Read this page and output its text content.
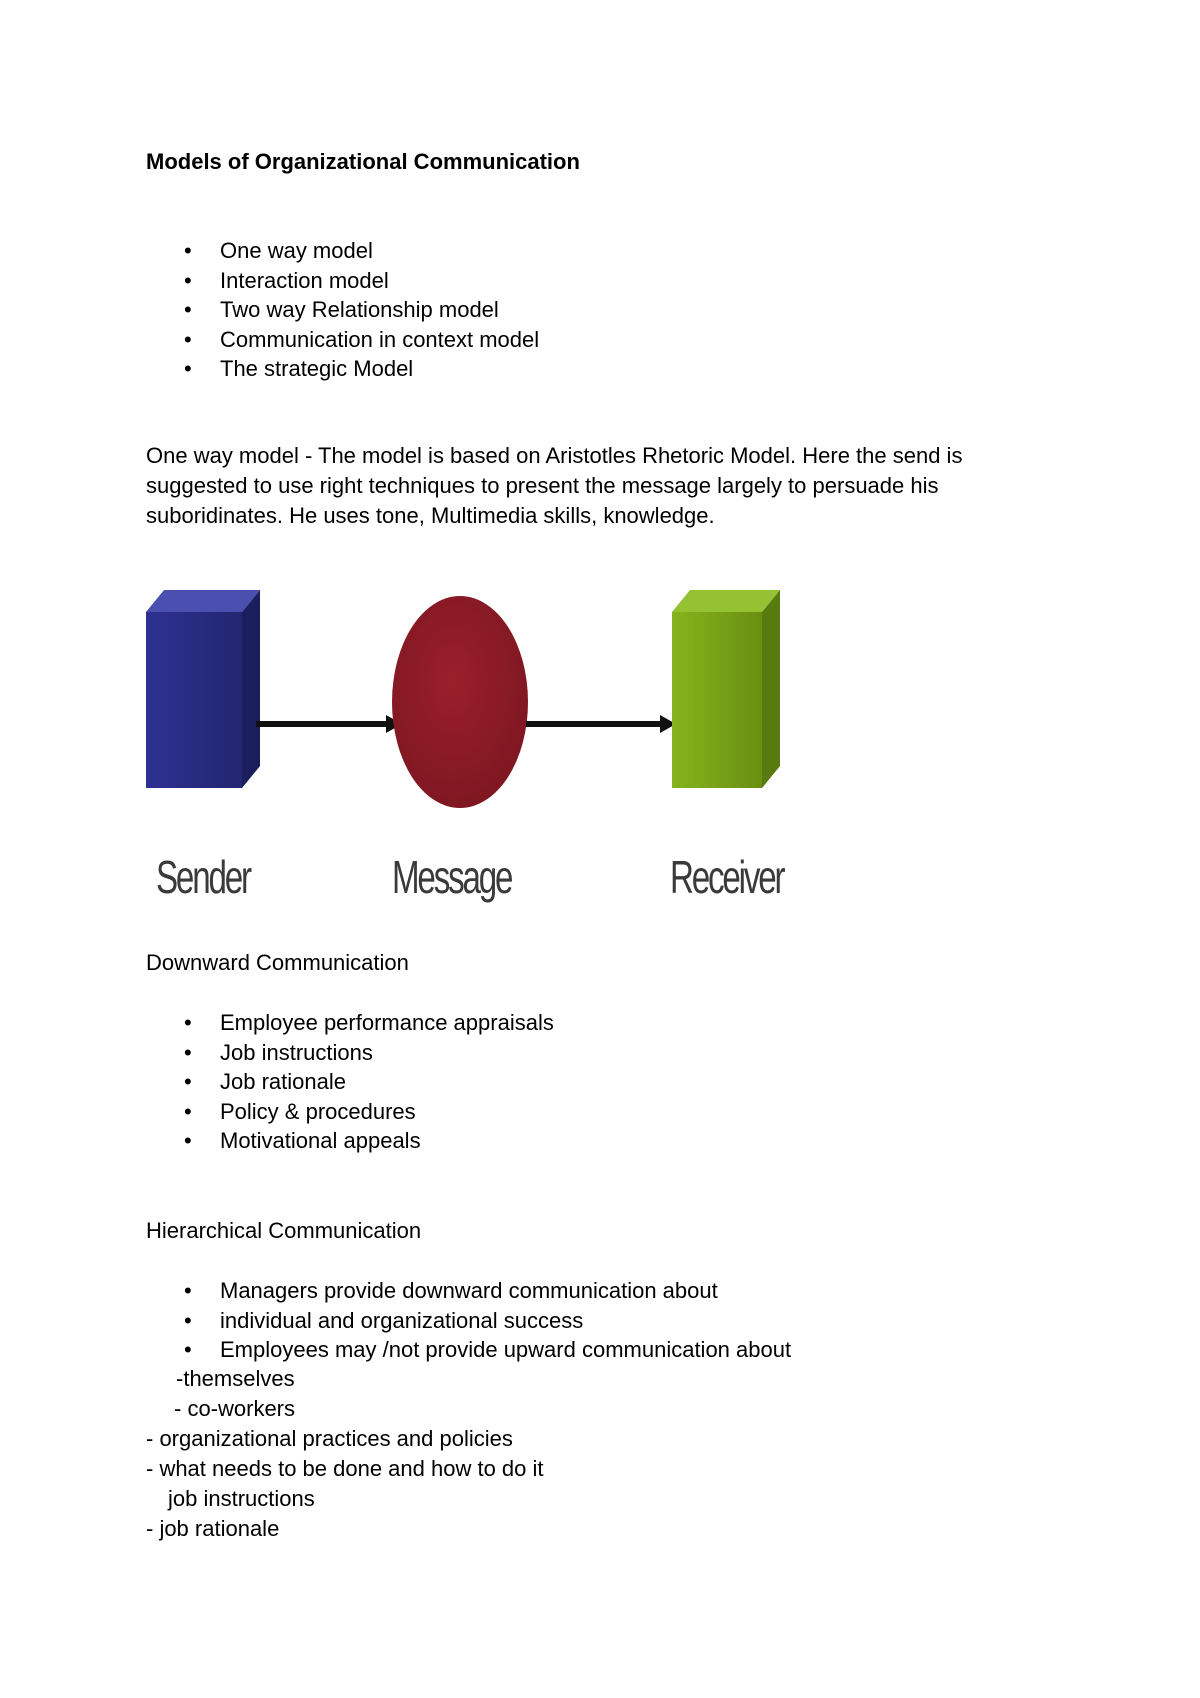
Models of Organizational Communication

• One way model
• Interaction model
• Two way Relationship model
• Communication in context model
• The strategic Model
One way model - The model is based on Aristotles Rhetoric Model. Here the send is
suggested to use right techniques to present the message largely to persuade his
suboridinates. He uses tone, Multimedia skills, knowledge.
Sender	Message	Receiver

Downward Communication

• Employee performance appraisals
• Job instructions
• Job rationale
• Policy & procedures
• Motivational appeals

Hierarchical Communication

• Managers provide downward communication about
• individual and organizational success
• Employees may /not provide upward communication about

-themselves

- co-workers

- organizational practices and policies

- what needs to be done and how to do it

job instructions

- job rationale
